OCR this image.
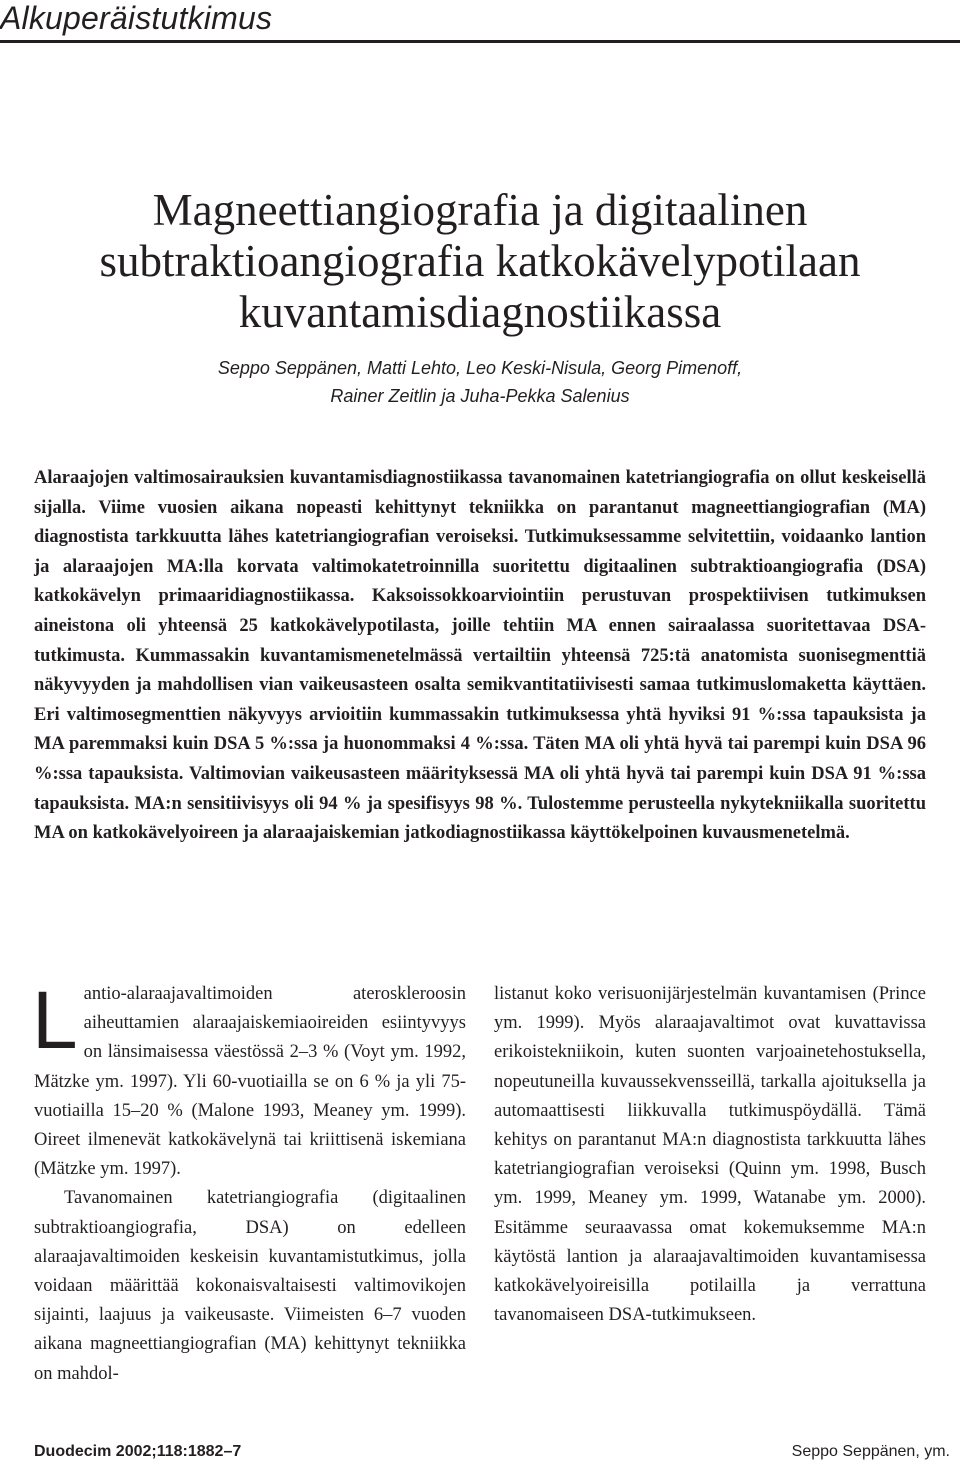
Alkuperäistutkimus
Magneettiangiografia ja digitaalinen
subtraktioangiografia katkokävelypotilaan
kuvantamisdiagnostiikassa
Seppo Seppänen, Matti Lehto, Leo Keski-Nisula, Georg Pimenoff,
Rainer Zeitlin ja Juha-Pekka Salenius

Alaraajojen valtimosairauksien kuvantamisdiagnostiikassa tavanomainen katetriangiografia on ollut keskeisellä sijalla. Viime vuosien aikana nopeasti kehittynyt tekniikka on parantanut magneettiangiografian (MA) diagnostista tarkkuutta lähes katetriangiografian veroiseksi. Tutkimuksessamme selvitettiin, voidaanko lantion ja alaraajojen MA:lla korvata valtimokatetroinnilla suoritettu digitaalinen subtraktioangiografia (DSA) katkokävelyn primaaridiagnostiikassa. Kaksoissokkoarviointiin perustuvan prospektiivisen tutkimuksen aineistona oli yhteensä 25 katkokävelypotilasta, joille tehtiin MA ennen sairaalassa suoritettavaa DSA-tutkimusta. Kummassakin kuvantamismenetelmässä vertailtiin yhteensä 725:tä anatomista suonisegmenttiä näkyvyyden ja mahdollisen vian vaikeusasteen osalta semikvantitatiivisesti samaa tutkimuslomaketta käyttäen. Eri valtimosegmenttien näkyvyys arvioitiin kummassakin tutkimuksessa yhtä hyviksi 91 %:ssa tapauksista ja MA paremmaksi kuin DSA 5 %:ssa ja huonommaksi 4 %:ssa. Täten MA oli yhtä hyvä tai parempi kuin DSA 96 %:ssa tapauksista. Valtimovian vaikeusasteen määrityksessä MA oli yhtä hyvä tai parempi kuin DSA 91 %:ssa tapauksista. MA:n sensitiivisyys oli 94 % ja spesifisyys 98 %. Tulostemme perusteella nykytekniikalla suoritettu MA on katkokävelyoireen ja alaraajaiskemian jatkodiagnostiikassa käyttökelpoinen kuvausmenetelmä.

Lantio-alaraajavaltimoiden ateroskleroosin aiheuttamien alaraajaiskemiaoireiden esiintyvyys on länsimaisessa väestössä 2–3 % (Voyt ym. 1992, Mätzke ym. 1997). Yli 60-vuotiailla se on 6 % ja yli 75-vuotiailla 15–20 % (Malone 1993, Meaney ym. 1999). Oireet ilmenevät katkokävelynä tai kriittisenä iskemiana (Mätzke ym. 1997).

Tavanomainen katetriangiografia (digitaalinen subtraktioangiografia, DSA) on edelleen alaraajavaltimoiden keskeisin kuvantamistutkimus, jolla voidaan määrittää kokonaisvaltaisesti valtimovikojen sijainti, laajuus ja vaikeusaste. Viimeisten 6–7 vuoden aikana magneettiangiografian (MA) kehittynyt tekniikka on mahdol-

listanut koko verisuonijärjestelmän kuvantamisen (Prince ym. 1999). Myös alaraajavaltimot ovat kuvattavissa erikoistekniikoin, kuten suonten varjoainetehostuksella, nopeutuneilla kuvaussekvensseillä, tarkalla ajoituksella ja automaattisesti liikkuvalla tutkimuspöydällä. Tämä kehitys on parantanut MA:n diagnostista tarkkuutta lähes katetriangiografian veroiseksi (Quinn ym. 1998, Busch ym. 1999, Meaney ym. 1999, Watanabe ym. 2000). Esitämme seuraavassa omat kokemuksemme MA:n käytöstä lantion ja alaraajavaltimoiden kuvantamisessa katkokävelyoireisilla potilailla ja verrattuna tavanomaiseen DSA-tutkimukseen.

Duodecim 2002;118:1882–7	Seppo Seppänen, ym.
